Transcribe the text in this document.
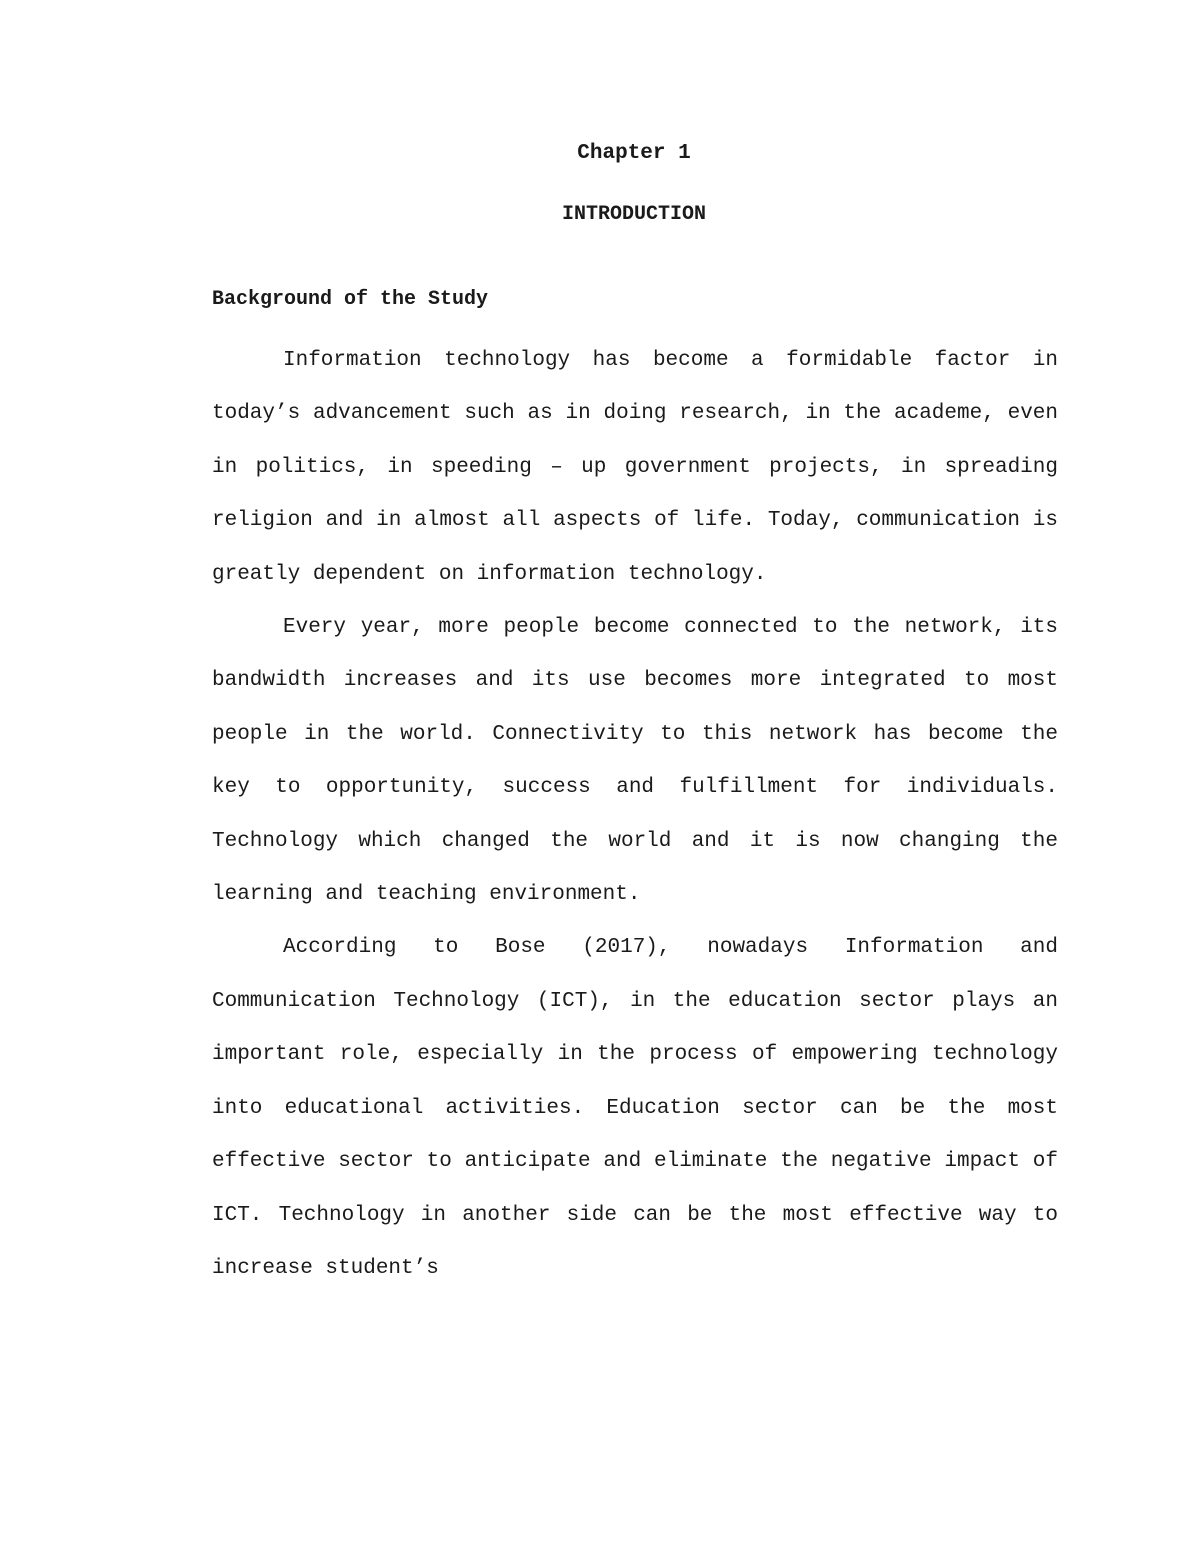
Chapter 1
INTRODUCTION
Background of the Study

Information technology has become a formidable factor in today’s advancement such as in doing research, in the academe, even in politics, in speeding – up government projects, in spreading religion and in almost all aspects of life. Today, communication is greatly dependent on information technology.

Every year, more people become connected to the network, its bandwidth increases and its use becomes more integrated to most people in the world. Connectivity to this network has become the key to opportunity, success and fulfillment for individuals. Technology which changed the world and it is now changing the learning and teaching environment.

According to Bose (2017), nowadays Information and Communication Technology (ICT), in the education sector plays an important role, especially in the process of empowering technology into educational activities. Education sector can be the most effective sector to anticipate and eliminate the negative impact of ICT. Technology in another side can be the most effective way to increase student’s
